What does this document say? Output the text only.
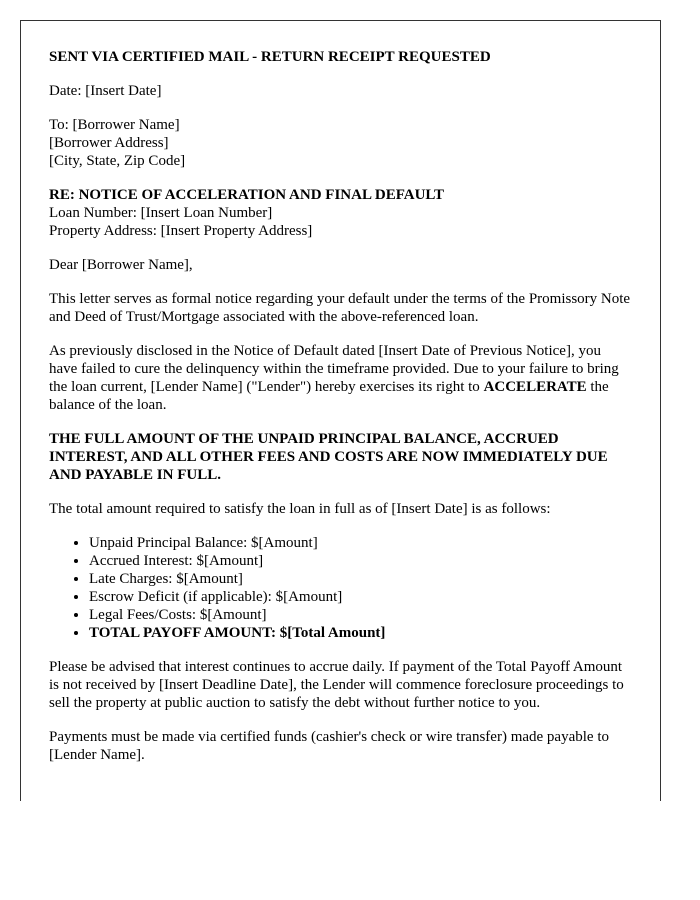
SENT VIA CERTIFIED MAIL - RETURN RECEIPT REQUESTED

Date: [Insert Date]

To: [Borrower Name]
[Borrower Address]
[City, State, Zip Code]

RE: NOTICE OF ACCELERATION AND FINAL DEFAULT
Loan Number: [Insert Loan Number]
Property Address: [Insert Property Address]

Dear [Borrower Name],

This letter serves as formal notice regarding your default under the terms of the Promissory Note and Deed of Trust/Mortgage associated with the above-referenced loan.

As previously disclosed in the Notice of Default dated [Insert Date of Previous Notice], you have failed to cure the delinquency within the timeframe provided. Due to your failure to bring the loan current, [Lender Name] ("Lender") hereby exercises its right to ACCELERATE the balance of the loan.

THE FULL AMOUNT OF THE UNPAID PRINCIPAL BALANCE, ACCRUED INTEREST, AND ALL OTHER FEES AND COSTS ARE NOW IMMEDIATELY DUE AND PAYABLE IN FULL.

The total amount required to satisfy the loan in full as of [Insert Date] is as follows:

• Unpaid Principal Balance: $[Amount]
• Accrued Interest: $[Amount]
• Late Charges: $[Amount]
• Escrow Deficit (if applicable): $[Amount]
• Legal Fees/Costs: $[Amount]
• TOTAL PAYOFF AMOUNT: $[Total Amount]

Please be advised that interest continues to accrue daily. If payment of the Total Payoff Amount is not received by [Insert Deadline Date], the Lender will commence foreclosure proceedings to sell the property at public auction to satisfy the debt without further notice to you.

Payments must be made via certified funds (cashier's check or wire transfer) made payable to [Lender Name].
